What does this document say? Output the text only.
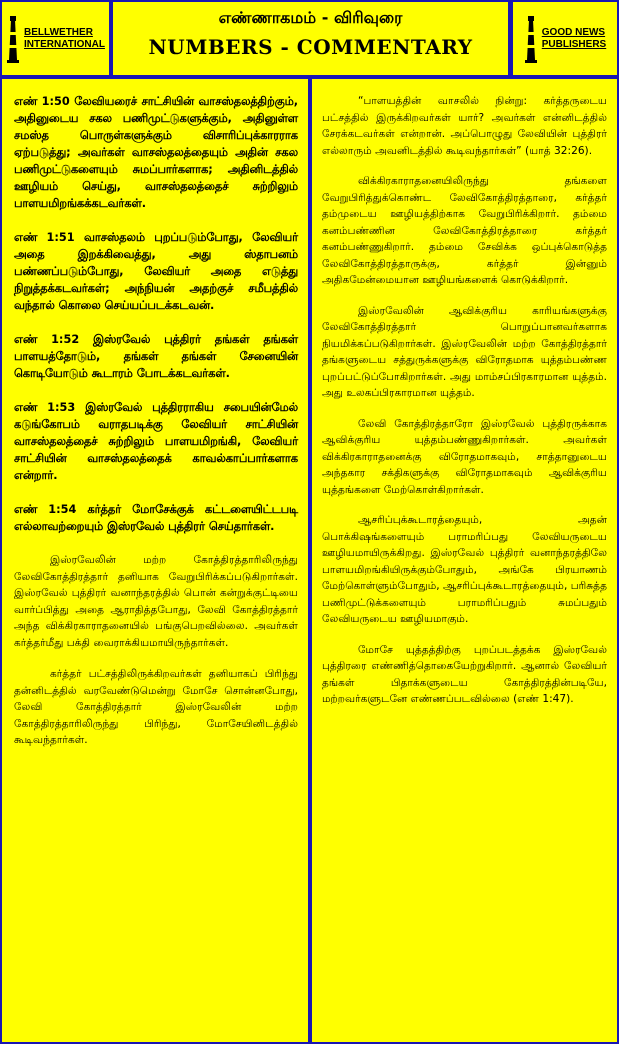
BELLWETHER
INTERNATIONAL
எண்ணாகமம் - விரிவுரை
NUMBERS - COMMENTARY
GOOD NEWS
PUBLISHERS

எண் 1:50 லேவியரைச் சாட்சியின் வாசஸ்தலத்திற்கும், அதினுடைய சகல பணிமுட்டுகளுக்கும், அதினுள்ள சமஸ்த பொருள்களுக்கும் விசாரிப்புக்காரராக ஏற்படுத்து; அவர்கள் வாசஸ்தலத்தையும் அதின் சகல பணிமுட்டுகளையும் சுமப்பார்களாக; அதினிடத்தில் ஊழியம் செய்து, வாசஸ்தலத்தைச் சுற்றிலும் பாளயமிறங்கக்கடவர்கள்.

எண் 1:51 வாசஸ்தலம் புறப்படும்போது, லேவியர் அதை இறக்கிவைத்து, அது ஸ்தாபனம் பண்ணப்படும்போது, லேவியர் அதை எடுத்து நிறுத்தக்கடவர்கள்; அந்நியன் அதற்குச் சமீபத்தில் வந்தால் கொலை செய்யப்படக்கடவன்.

எண் 1:52 இஸ்ரவேல் புத்திரர் தங்கள் தங்கள் பாளயத்தோடும், தங்கள் தங்கள் சேனையின் கொடியோடும் கூடாரம் போடக்கடவர்கள்.

எண் 1:53 இஸ்ரவேல் புத்திரராகிய சபையின்மேல் கடுங்கோபம் வராதபடிக்கு லேவியர் சாட்சியின் வாசஸ்தலத்தைச் சுற்றிலும் பாளயமிறங்கி, லேவியர் சாட்சியின் வாசஸ்தலத்தைக் காவல்காப்பார்களாக என்றார்.

எண் 1:54 கர்த்தர் மோசேக்குக் கட்டளையிட்டபடி எல்லாவற்றையும் இஸ்ரவேல் புத்திரர் செய்தார்கள்.

இஸ்ரவேலின் மற்ற கோத்திரத்தாரிலிருந்து லேவிகோத்திரத்தார் தனியாக வேறுபிரிக்கப்படுகிறார்கள். இஸ்ரவேல் புத்திரர் வனாந்தரத்தில் பொன் கன்றுக்குட்டியை வார்ப்பித்து அதை ஆராதித்தபோது, லேவி கோத்திரத்தார் அந்த விக்கிரகாராதனையில் பங்குபெறவில்லை. அவர்கள் கர்த்தர்மீது பக்தி வைராக்கியமாயிருந்தார்கள்.

கர்த்தர் பட்சத்திலிருக்கிறவர்கள் தனியாகப் பிரிந்து தன்னிடத்தில் வரவேண்டுமென்று மோசே சொன்னபோது, லேவி கோத்திரத்தார் இஸ்ரவேலின் மற்ற கோத்திரத்தாரிலிருந்து பிரிந்து, மோசேயினிடத்தில் கூடிவந்தார்கள்.

“பாளயத்தின் வாசலில் நின்று: கர்த்தருடைய பட்சத்தில் இருக்கிறவர்கள் யார்? அவர்கள் என்னிடத்தில் சேரக்கடவர்கள் என்றான். அப்பொழுது லேவியின் புத்திரர் எல்லாரும் அவனிடத்தில் கூடிவந்தார்கள்” (யாத் 32:26).

விக்கிரகாராதனையிலிருந்து தங்களை வேறுபிரித்துக்கொண்ட லேவிகோத்திரத்தாரை, கர்த்தர் தம்முடைய ஊழியத்திற்காக வேறுபிரிக்கிறார். தம்மை கனம்பண்ணின லேவிகோத்திரத்தாரை கர்த்தர் கனம்பண்ணுகிறார். தம்மை சேவிக்க ஒப்புக்கொடுத்த லேவிகோத்திரத்தாருக்கு, கர்த்தர் இன்னும் அதிகமேன்மையான ஊழியங்களைக் கொடுக்கிறார்.

இஸ்ரவேலின் ஆவிக்குரிய காரியங்களுக்கு லேவிகோத்திரத்தார் பொறுப்பானவர்களாக நியமிக்கப்படுகிறார்கள். இஸ்ரவேலின் மற்ற கோத்திரத்தார் தங்களுடைய சத்துருக்களுக்கு விரோதமாக யுத்தம்பண்ண புறப்பட்டுப்போகிறார்கள். அது மாம்சப்பிரகாரமான யுத்தம். அது உலகப்பிரகாரமான யுத்தம்.

லேவி கோத்திரத்தாரோ இஸ்ரவேல் புத்திரருக்காக ஆவிக்குரிய யுத்தம்பண்ணுகிறார்கள். அவர்கள் விக்கிரகாராதனைக்கு விரோதமாகவும், சாத்தானுடைய அந்தகார சக்திகளுக்கு விரோதமாகவும் ஆவிக்குரிய யுத்தங்களை மேற்கொள்கிறார்கள்.

ஆசரிப்புக்கூடாரத்தையும், அதன் பொக்கிஷங்களையும் பராமரிப்பது லேவியருடைய ஊழியமாயிருக்கிறது. இஸ்ரவேல் புத்திரர் வனாந்தரத்திலே பாளயமிறங்கியிருக்கும்போதும், அங்கே பிரயாணம் மேற்கொள்ளும்போதும், ஆசரிப்புக்கூடாரத்தையும், பரிசுத்த பணிமுட்டுக்களையும் பராமரிப்பதும் சுமப்பதும் லேவியருடைய ஊழியமாகும்.

மோசே யுத்தத்திற்கு புறப்படத்தக்க இஸ்ரவேல் புத்திரரை எண்ணித்தொகையேற்றுகிறார். ஆனால் லேவியர் தங்கள் பிதாக்களுடைய கோத்திரத்தின்படியே, மற்றவர்களுடனே எண்ணப்படவில்லை (எண் 1:47).
